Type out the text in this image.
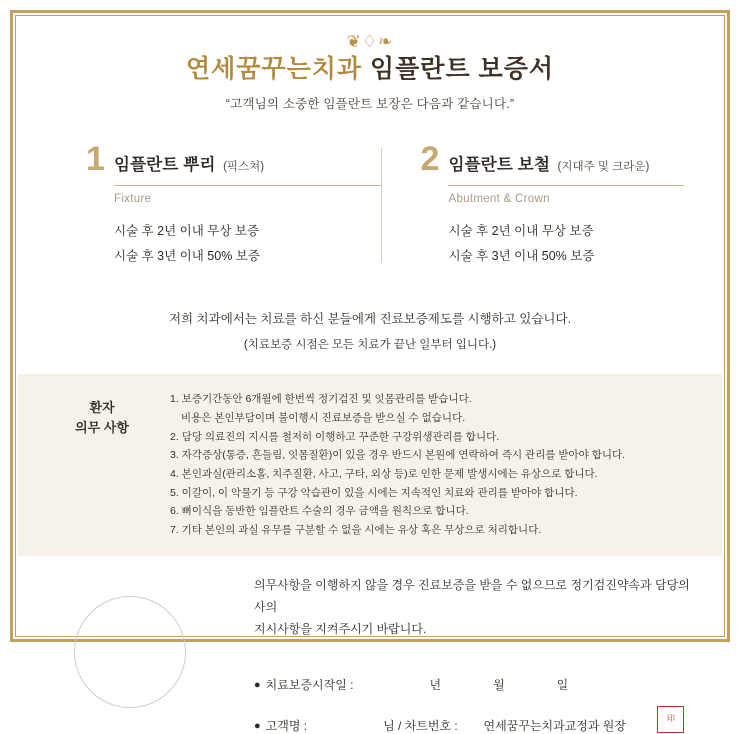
❦♢❧
연세꿈꾸는치과 임플란트 보증서
“고객님의 소중한 임플란트 보장은 다음과 같습니다.”
1 임플란트 뿌리 (픽스쳐)
Fixture
시술 후 2년 이내 무상 보증
시술 후 3년 이내 50% 보증
2 임플란트 보철 (지대주 및 크라운)
Abutment & Crown
시술 후 2년 이내 무상 보증
시술 후 3년 이내 50% 보증
저희 치과에서는 치료를 하신 분들에게 진료보증제도를 시행하고 있습니다.
(치료보증 시점은 모든 치료가 끝난 일부터 입니다.)
환자
의무 사항
1. 보증기간동안 6개월에 한번씩 정기검진 및 잇몸관리를 받습니다.
비용은 본인부담이며 불이행시 진료보증을 받으실 수 없습니다.
2. 담당 의료진의 지시를 철저히 이행하고 꾸준한 구강위생관리를 합니다.
3. 자각증상(통증, 흔들림, 잇몸질환)이 있을 경우 반드시 본원에 연락하여 즉시 관리를 받아야 합니다.
4. 본인과실(관리소홀, 치주질환, 사고, 구타, 외상 등)로 인한 문제 발생시에는 유상으로 합니다.
5. 이갈이, 이 악물기 등 구강 악습관이 있을 시에는 지속적인 치료와 관리를 받아야 합니다.
6. 뼈이식을 동반한 임플란트 수술의 경우 금액을 원칙으로 합니다.
7. 기타 본인의 과실 유무를 구분할 수 없을 시에는 유상 혹은 무상으로 처리합니다.
의무사항을 이행하지 않을 경우 진료보증을 받을 수 없으므로 정기검진약속과 담당의사의
지시사항을 지켜주시기 바랍니다.
● 치료보증시작일 :	년	월	일
● 고객명 :	님 / 차트번호 : 연세꿈꾸는치과교정과 원장
印
